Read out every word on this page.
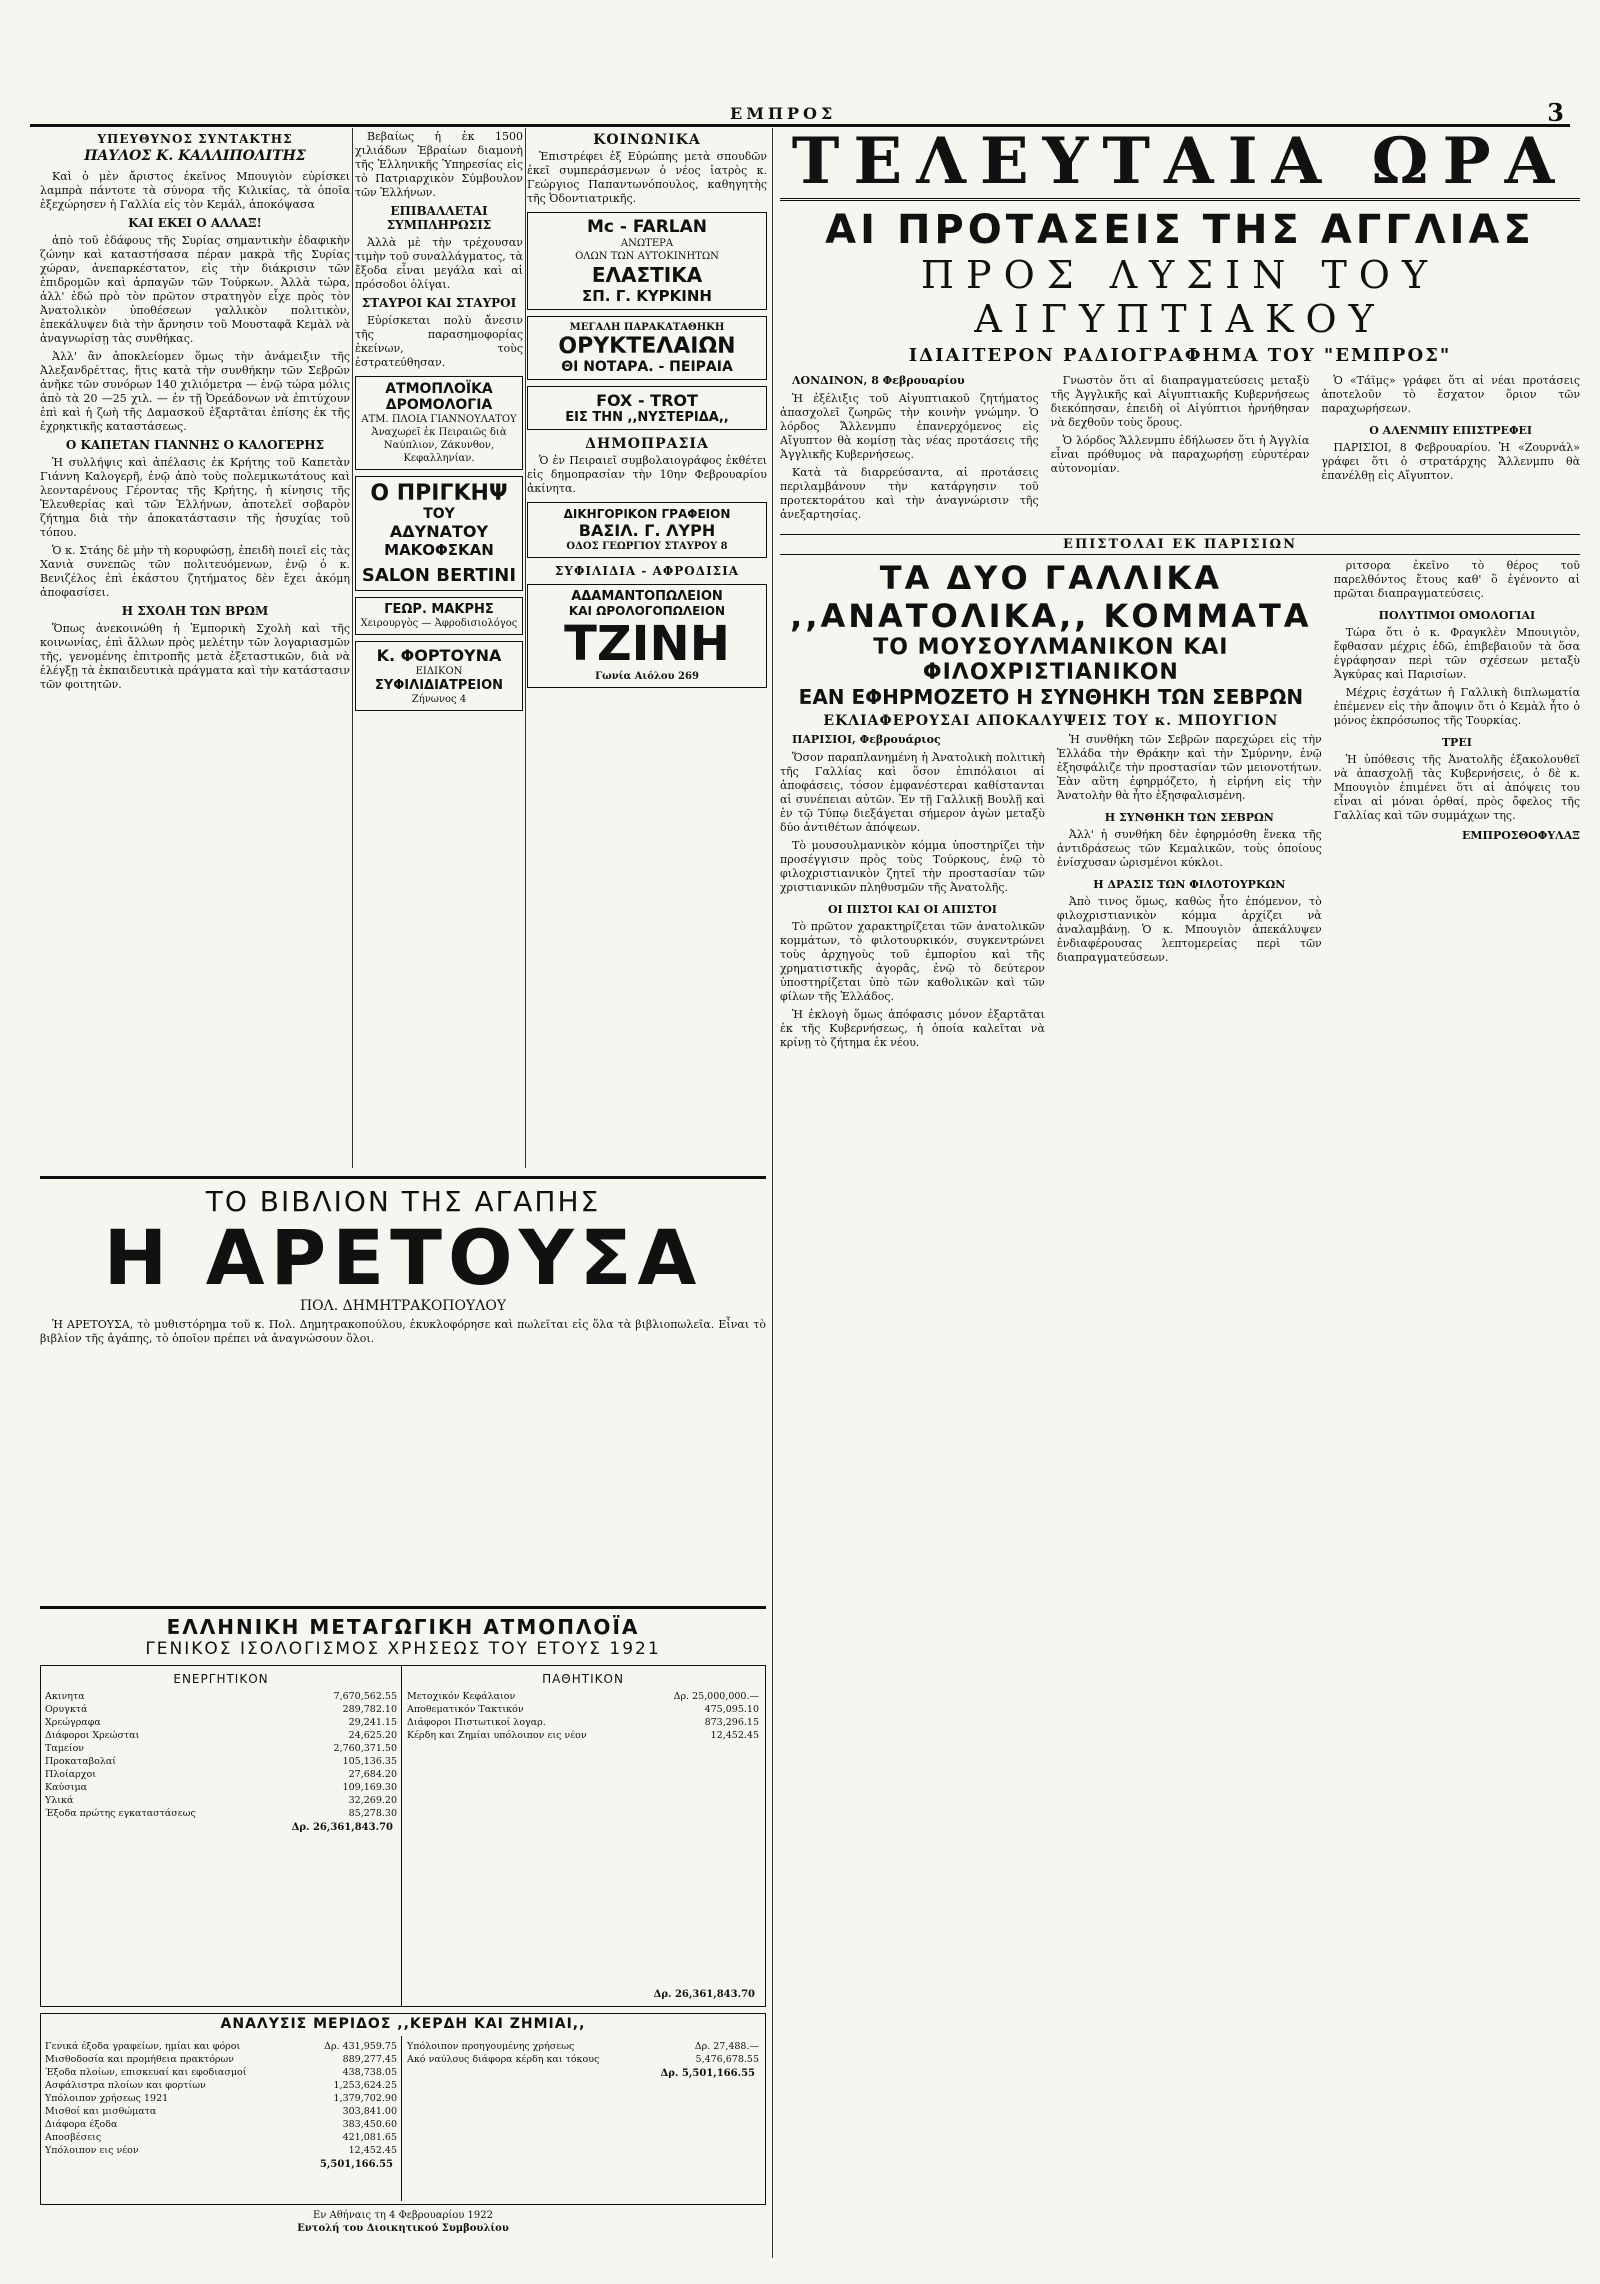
ΕΜΠΡΟΣ	3
ΥΠΕΥΘΥΝΟΣ ΣΥΝΤΑΚΤΗΣ
ΠΑΥΛΟΣ Κ. ΚΑΛΛΙΠΟΛΙΤΗΣ

Καὶ ὁ μὲν ἄριστος ἐκεῖνος Μπουγιὸν εὑρίσκει λαμπρὰ πάντοτε τὰ σύνορα τῆς Κιλικίας, τὰ ὁποῖα ἐξεχώρησεν ἡ Γαλλία εἰς τὸν Κεμάλ, ἀποκόψασα

ΚΑΙ ΕΚΕΙ Ο ΑΛΛΑΞ!

ἀπὸ τοῦ ἐδάφους τῆς Συρίας σημαντικὴν ἐδαφικὴν ζώνην καὶ καταστήσασα πέραν μακρὰ τῆς Συρίας χώραν, ἀνεπαρκέστατον, εἰς τὴν διάκρισιν τῶν ἐπιδρομῶν καὶ ἁρπαγῶν τῶν Τούρκων. Ἀλλὰ τώρα, ἀλλ' ἐδώ πρὸ τὸν πρῶτον στρατηγὸν εἶχε πρὸς τὸν Ἀνατολικὸν ὑποθέσεων γαλλικὸν πολιτικὸν, ἐπεκάλυψεν διὰ τὴν ἄρνησιν τοῦ Μουσταφᾶ Κεμὰλ νὰ ἀναγνωρίσῃ τὰς συνθήκας.

Ἀλλ' ἂν ἀποκλείομεν ὅμως τὴν ἀνάμειξιν τῆς Ἀλεξανδρέττας, ἥτις κατὰ τὴν συνθήκην τῶν Σεβρῶν ἀνῆκε τῶν συνόρων 140 χιλιόμετρα — ἐνῷ τώρα μόλις ἀπὸ τὰ 20 —25 χιλ. — ἐν τῇ Ὀρεάδονων νὰ ἐπιτύχουν ἐπὶ καὶ ἡ ζωὴ τῆς Δαμασκοῦ ἐξαρτᾶται ἐπίσης ἐκ τῆς ἐχρηκτικῆς καταστάσεως.

Ο ΚΑΠΕΤΑΝ ΓΙΑΝΝΗΣ Ο ΚΑΛΟΓΕΡΗΣ

Ἡ συλλήψις καὶ ἀπέλασις ἐκ Κρήτης τοῦ Καπετὰν Γιάννη Καλογερῆ, ἐνῷ ἀπὸ τοὺς πολεμικωτάτους καὶ λεονταρένους Γέροντας τῆς Κρήτης, ἡ κίνησις τῆς Ἐλευθερίας καὶ τῶν Ἑλλήνων, ἀποτελεῖ σοβαρὸν ζήτημα διὰ τὴν ἀποκατάστασιν τῆς ἡσυχίας τοῦ τόπου.

Ὁ κ. Στάης δὲ μὴν τὴ κορυφώσῃ, ἐπειδὴ ποιεῖ εἰς τὰς Χανιὰ συνεπῶς τῶν πολιτευόμενων, ἐνῷ ὁ κ. Βενιζέλος ἐπὶ ἑκάστου ζητήματος δὲν ἔχει ἀκόμη ἀποφασίσει.

Η ΣΧΟΛΗ ΤΩΝ ΒΡΩΜ

Ὅπως ἀνεκοινώθη ἡ Ἐμπορικὴ Σχολὴ καὶ τῆς κοινωνίας, ἐπὶ ἄλλων πρὸς μελέτην τῶν λογαριασμῶν τῆς, γενομένης ἐπιτροπῆς μετὰ ἐξεταστικῶν, διὰ νὰ ἐλέγξῃ τὰ ἐκπαιδευτικὰ πράγματα καὶ τὴν κατάστασιν τῶν φοιτητῶν.

Βεβαίως ἡ ἐκ 1500 χιλιάδων Ἑβραίων διαμονὴ τῆς Ἑλληνικῆς Ὑπηρεσίας εἰς τὸ Πατριαρχικὸν Σύμβουλον τῶν Ἑλλήνων.

ΕΠΙΒΑΛΛΕΤΑΙ ΣΥΜΠΛΗΡΩΣΙΣ

Ἀλλὰ μὲ τὴν τρέχουσαν τιμὴν τοῦ συναλλάγματος, τὰ ἔξοδα εἶναι μεγάλα καὶ αἱ πρόσοδοι ὀλίγαι.

ΣΤΑΥΡΟΙ ΚΑΙ ΣΤΑΥΡΟΙ

Εὐρίσκεται πολὺ ἄνεσιν τῆς παρασημοφορίας ἐκείνων, τοὺς ἐστρατεύθησαν.

ΑΤΜΟΠΛΟΪΚΑ ΔΡΟΜΟΛΟΓΙΑ
ΑΤΜ. ΠΛΟΙΑ ΓΙΑΝΝΟΥΛΑΤΟΥ
Ἀναχωρεῖ ἐκ Πειραιῶς διὰ Ναύπλιον, Ζάκυνθον, Κεφαλληνίαν.
Ο ΠΡΙΓΚΗΨ
ΤΟΥ
ΑΔΥΝΑΤΟΥ
ΜΑΚΟΦΣΚΑΝ
SALON BERTINI
ΓΕΩΡ. ΜΑΚΡΗΣ
Χειρουργὸς — Ἀφροδισιολόγος
Κ. ΦΟΡΤΟΥΝΑ
ΕΙΔΙΚΟΝ
ΣΥΦΙΛΙΔΙΑΤΡΕΙΟΝ
Ζήνωνος 4
ΚΟΙΝΩΝΙΚΑ

Ἐπιστρέφει ἐξ Εὐρώπης μετὰ σπουδῶν ἐκεῖ συμπεράσμενων ὁ νέος ἰατρὸς κ. Γεώργιος Παπαντωνόπουλος, καθηγητὴς τῆς Ὀδοντιατρικῆς.

Mc - FARLAN
ΑΝΩΤΕΡΑ
ΟΛΩΝ ΤΩΝ ΑΥΤΟΚΙΝΗΤΩΝ
ΕΛΑΣΤΙΚΑ
ΣΠ. Γ. ΚΥΡΚΙΝΗ
ΜΕΓΑΛΗ ΠΑΡΑΚΑΤΑΘΗΚΗ
ΟΡΥΚΤΕΛΑΙΩΝ
ΘΙ ΝΟΤΑΡΑ. - ΠΕΙΡΑΙΑ
FOX - TROT
ΕΙΣ ΤΗΝ ,,ΝΥΣΤΕΡΙΔΑ,,
ΔΗΜΟΠΡΑΣΙΑ

Ὁ ἐν Πειραιεῖ συμβολαιογράφος ἐκθέτει εἰς δημοπρασίαν τὴν 10ην Φεβρουαρίου ἀκίνητα.

ΔΙΚΗΓΟΡΙΚΟΝ ΓΡΑΦΕΙΟΝ
ΒΑΣΙΛ. Γ. ΛΥΡΗ
ΟΔΟΣ ΓΕΩΡΓΙΟΥ ΣΤΑΥΡΟΥ 8
ΣΥΦΙΛΙΔΙΑ - ΑΦΡΟΔΙΣΙΑ
ΑΔΑΜΑΝΤΟΠΩΛΕΙΟΝ
ΚΑΙ ΩΡΟΛΟΓΟΠΩΛΕΙΟΝ
ΤΖΙΝΗ
Γωνία Αιόλου 269
ΤΟ ΒΙΒΛΙΟΝ ΤΗΣ ΑΓΑΠΗΣ
Η ΑΡΕΤΟΥΣΑ
ΠΟΛ. ΔΗΜΗΤΡΑΚΟΠΟΥΛΟΥ

Ἡ ΑΡΕΤΟΥΣΑ, τὸ μυθιστόρημα τοῦ κ. Πολ. Δημητρακοπούλου, ἐκυκλοφόρησε καὶ πωλεῖται εἰς ὅλα τὰ βιβλιοπωλεῖα. Εἶναι τὸ βιβλίον τῆς ἀγάπης, τὸ ὁποῖον πρέπει νὰ ἀναγνώσουν ὅλοι.

ΕΛΛΗΝΙΚΗ ΜΕΤΑΓΩΓΙΚΗ ΑΤΜΟΠΛΟΪΑ
ΓΕΝΙΚΟΣ ΙΣΟΛΟΓΙΣΜΟΣ ΧΡΗΣΕΩΣ ΤΟΥ ΕΤΟΥΣ 1921
ΕΝΕΡΓΗΤΙΚΟΝ
Ακινητα	7,670,562.55
Ορυγκτά	289,782.10
Χρεώγραφα	29,241.15
Διάφοροι Χρεώσται	24,625.20
Ταμείον	2,760,371.50
Προκαταβολαί	105,136.35
Πλοίαρχοι	27,684.20
Καύσιμα	109,169.30
Υλικά	32,269.20
Έξοδα πρώτης εγκαταστάσεως	85,278.30
Δρ. 26,361,843.70
ΠΑΘΗΤΙΚΟΝ
Μετοχικόν Κεφάλαιον	Δρ. 25,000,000.—
Αποθεματικόν Τακτικόν	475,095.10
Διάφοροι Πιστωτικοί λογαρ.	873,296.15
Κέρδη και Ζημίαι υπόλοιπον εις νέον	12,452.45
Δρ. 26,361,843.70
ΑΝΑΛΥΣΙΣ ΜΕΡΙΔΟΣ ,,ΚΕΡΔΗ ΚΑΙ ΖΗΜΙΑΙ,,
Γενικά έξοδα γραφείων, ημίαι και φόροι	Δρ. 431,959.75
Μισθοδοσία και προμήθεια πρακτόρων	889,277.45
Έξοδα πλοίων, επισκευαί και εφοδιασμοί	438,738.05
Ασφάλιστρα πλοίων και φορτίων	1,253,624.25
Υπόλοιπον χρήσεως 1921	1,379,702.90
Μισθοί και μισθώματα	303,841.00
Διάφορα έξοδα	383,450.60
Αποσβέσεις	421,081.65
Υπόλοιπον εις νέον	12,452.45
5,501,166.55
Υπόλοιπον προηγουμένης χρήσεως	Δρ. 27,488.—
Ακό ναύλους διάφορα κέρδη και τόκους	5,476,678.55
Δρ. 5,501,166.55
Εν Αθήναις τη 4 Φεβρουαρίου 1922
Εντολή του Διοικητικού Συμβουλίου
ΤΕΛΕΥΤΑΙΑ ΩΡΑ
ΑΙ ΠΡΟΤΑΣΕΙΣ ΤΗΣ ΑΓΓΛΙΑΣ
ΠΡΟΣ ΛΥΣΙΝ ΤΟΥ ΑΙΓΥΠΤΙΑΚΟΥ
ΙΔΙΑΙΤΕΡΟΝ ΡΑΔΙΟΓΡΑΦΗΜΑ ΤΟΥ "ΕΜΠΡΟΣ"

ΛΟΝΔΙΝΟΝ, 8 Φεβρουαρίου

Ἡ ἐξέλιξις τοῦ Αἰγυπτιακοῦ ζητήματος ἀπασχολεῖ ζωηρῶς τὴν κοινὴν γνώμην. Ὁ λόρδος Ἄλλενμπυ ἐπανερχόμενος εἰς Αἴγυπτον θὰ κομίσῃ τὰς νέας προτάσεις τῆς Ἀγγλικῆς Κυβερνήσεως.

Κατὰ τὰ διαρρεύσαντα, αἱ προτάσεις περιλαμβάνουν τὴν κατάργησιν τοῦ προτεκτοράτου καὶ τὴν ἀναγνώρισιν τῆς ἀνεξαρτησίας.

Γνωστὸν ὅτι αἱ διαπραγματεύσεις μεταξὺ τῆς Ἀγγλικῆς καὶ Αἰγυπτιακῆς Κυβερνήσεως διεκόπησαν, ἐπειδὴ οἱ Αἰγύπτιοι ἠρνήθησαν νὰ δεχθοῦν τοὺς ὅρους.

Ὁ λόρδος Ἄλλενμπυ ἐδήλωσεν ὅτι ἡ Ἀγγλία εἶναι πρόθυμος νὰ παραχωρήσῃ εὐρυτέραν αὐτονομίαν.

Ὁ «Τάϊμς» γράφει ὅτι αἱ νέαι προτάσεις ἀποτελοῦν τὸ ἔσχατον ὅριον τῶν παραχωρήσεων.

Ο ΑΛΕΝΜΠΥ ΕΠΙΣΤΡΕΦΕΙ

ΠΑΡΙΣΙΟΙ, 8 Φεβρουαρίου. Ἡ «Ζουρνάλ» γράφει ὅτι ὁ στρατάρχης Ἄλλενμπυ θὰ ἐπανέλθῃ εἰς Αἴγυπτον.

ΕΠΙΣΤΟΛΑΙ ΕΚ ΠΑΡΙΣΙΩΝ
ΤΑ ΔΥΟ ΓΑΛΛΙΚΑ ,,ΑΝΑΤΟΛΙΚΑ,, ΚΟΜΜΑΤΑ
ΤΟ ΜΟΥΣΟΥΛΜΑΝΙΚΟΝ ΚΑΙ ΦΙΛΟΧΡΙΣΤΙΑΝΙΚΟΝ
ΕΑΝ ΕΦΗΡΜΟΖΕΤΟ Η ΣΥΝΘΗΚΗ ΤΩΝ ΣΕΒΡΩΝ
ΕΚΛΙΑΦΕΡΟΥΣΑΙ ΑΠΟΚΑΛΥΨΕΙΣ ΤΟΥ κ. ΜΠΟΥΓΙΟΝ

ΠΑΡΙΣΙΟΙ, Φεβρουάριος

Ὅσον παραπλανημένη ἡ Ἀνατολικὴ πολιτικὴ τῆς Γαλλίας καὶ ὅσον ἐπιπόλαιοι αἱ ἀποφάσεις, τόσον ἐμφανέστεραι καθίστανται αἱ συνέπειαι αὐτῶν. Ἐν τῇ Γαλλικῇ Βουλῇ καὶ ἐν τῷ Τύπῳ διεξάγεται σήμερον ἀγὼν μεταξὺ δύο ἀντιθέτων ἀπόψεων.

Τὸ μουσουλμανικὸν κόμμα ὑποστηρίζει τὴν προσέγγισιν πρὸς τοὺς Τούρκους, ἐνῷ τὸ φιλοχριστιανικὸν ζητεῖ τὴν προστασίαν τῶν χριστιανικῶν πληθυσμῶν τῆς Ἀνατολῆς.

ΟΙ ΠΙΣΤΟΙ ΚΑΙ ΟΙ ΑΠΙΣΤΟΙ

Τὸ πρῶτον χαρακτηρίζεται τῶν ἀνατολικῶν κομμάτων, τὸ φιλοτουρκικόν, συγκεντρώνει τοὺς ἀρχηγοὺς τοῦ ἐμπορίου καὶ τῆς χρηματιστικῆς ἀγορᾶς, ἐνῷ τὸ δεύτερον ὑποστηρίζεται ὑπὸ τῶν καθολικῶν καὶ τῶν φίλων τῆς Ἑλλάδος.

Ἡ ἐκλογὴ ὅμως ἀπόφασις μόνον ἐξαρτᾶται ἐκ τῆς Κυβερνήσεως, ἡ ὁποία καλεῖται νὰ κρίνῃ τὸ ζήτημα ἐκ νέου.

Ἡ συνθήκη τῶν Σεβρῶν παρεχώρει εἰς τὴν Ἑλλάδα τὴν Θράκην καὶ τὴν Σμύρνην, ἐνῷ ἐξησφάλιζε τὴν προστασίαν τῶν μειονοτήτων. Ἐὰν αὕτη ἐφηρμόζετο, ἡ εἰρήνη εἰς τὴν Ἀνατολὴν θὰ ἦτο ἐξησφαλισμένη.

Η ΣΥΝΘΗΚΗ ΤΩΝ ΣΕΒΡΩΝ

Ἀλλ' ἡ συνθήκη δὲν ἐφηρμόσθη ἕνεκα τῆς ἀντιδράσεως τῶν Κεμαλικῶν, τοὺς ὁποίους ἐνίσχυσαν ὡρισμένοι κύκλοι.

Η ΔΡΑΣΙΣ ΤΩΝ ΦΙΛΟΤΟΥΡΚΩΝ

Ἀπὸ τινος ὅμως, καθὼς ἦτο ἐπόμενον, τὸ φιλοχριστιανικὸν κόμμα ἀρχίζει νὰ ἀναλαμβάνῃ. Ὁ κ. Μπουγιὸν ἀπεκάλυψεν ἐνδιαφέρουσας λεπτομερείας περὶ τῶν διαπραγματεύσεων.

ριτσορα ἐκεῖνο τὸ θέρος τοῦ παρελθόντος ἔτους καθ' ὃ ἐγένοντο αἱ πρῶται διαπραγματεύσεις.

ΠΟΛΥΤΙΜΟΙ ΟΜΟΛΟΓΙΑΙ

Τώρα ὅτι ὁ κ. Φραγκλὲν Μπουιγιὸν, ἔφθασαν μέχρις ἐδῶ, ἐπιβεβαιοῦν τὰ ὅσα ἐγράφησαν περὶ τῶν σχέσεων μεταξὺ Ἀγκύρας καὶ Παρισίων.

Μέχρις ἐσχάτων ἡ Γαλλικὴ διπλωματία ἐπέμενεν εἰς τὴν ἄποψιν ὅτι ὁ Κεμὰλ ἦτο ὁ μόνος ἐκπρόσωπος τῆς Τουρκίας.

ΤΡΕΙ

Ἡ ὑπόθεσις τῆς Ἀνατολῆς ἐξακολουθεῖ νὰ ἀπασχολῇ τὰς Κυβερνήσεις, ὁ δὲ κ. Μπουγιὸν ἐπιμένει ὅτι αἱ ἀπόψεις του εἶναι αἱ μόναι ὀρθαί, πρὸς ὄφελος τῆς Γαλλίας καὶ τῶν συμμάχων της.

ΕΜΠΡΟΣΘΟΦΥΛΑΞ
